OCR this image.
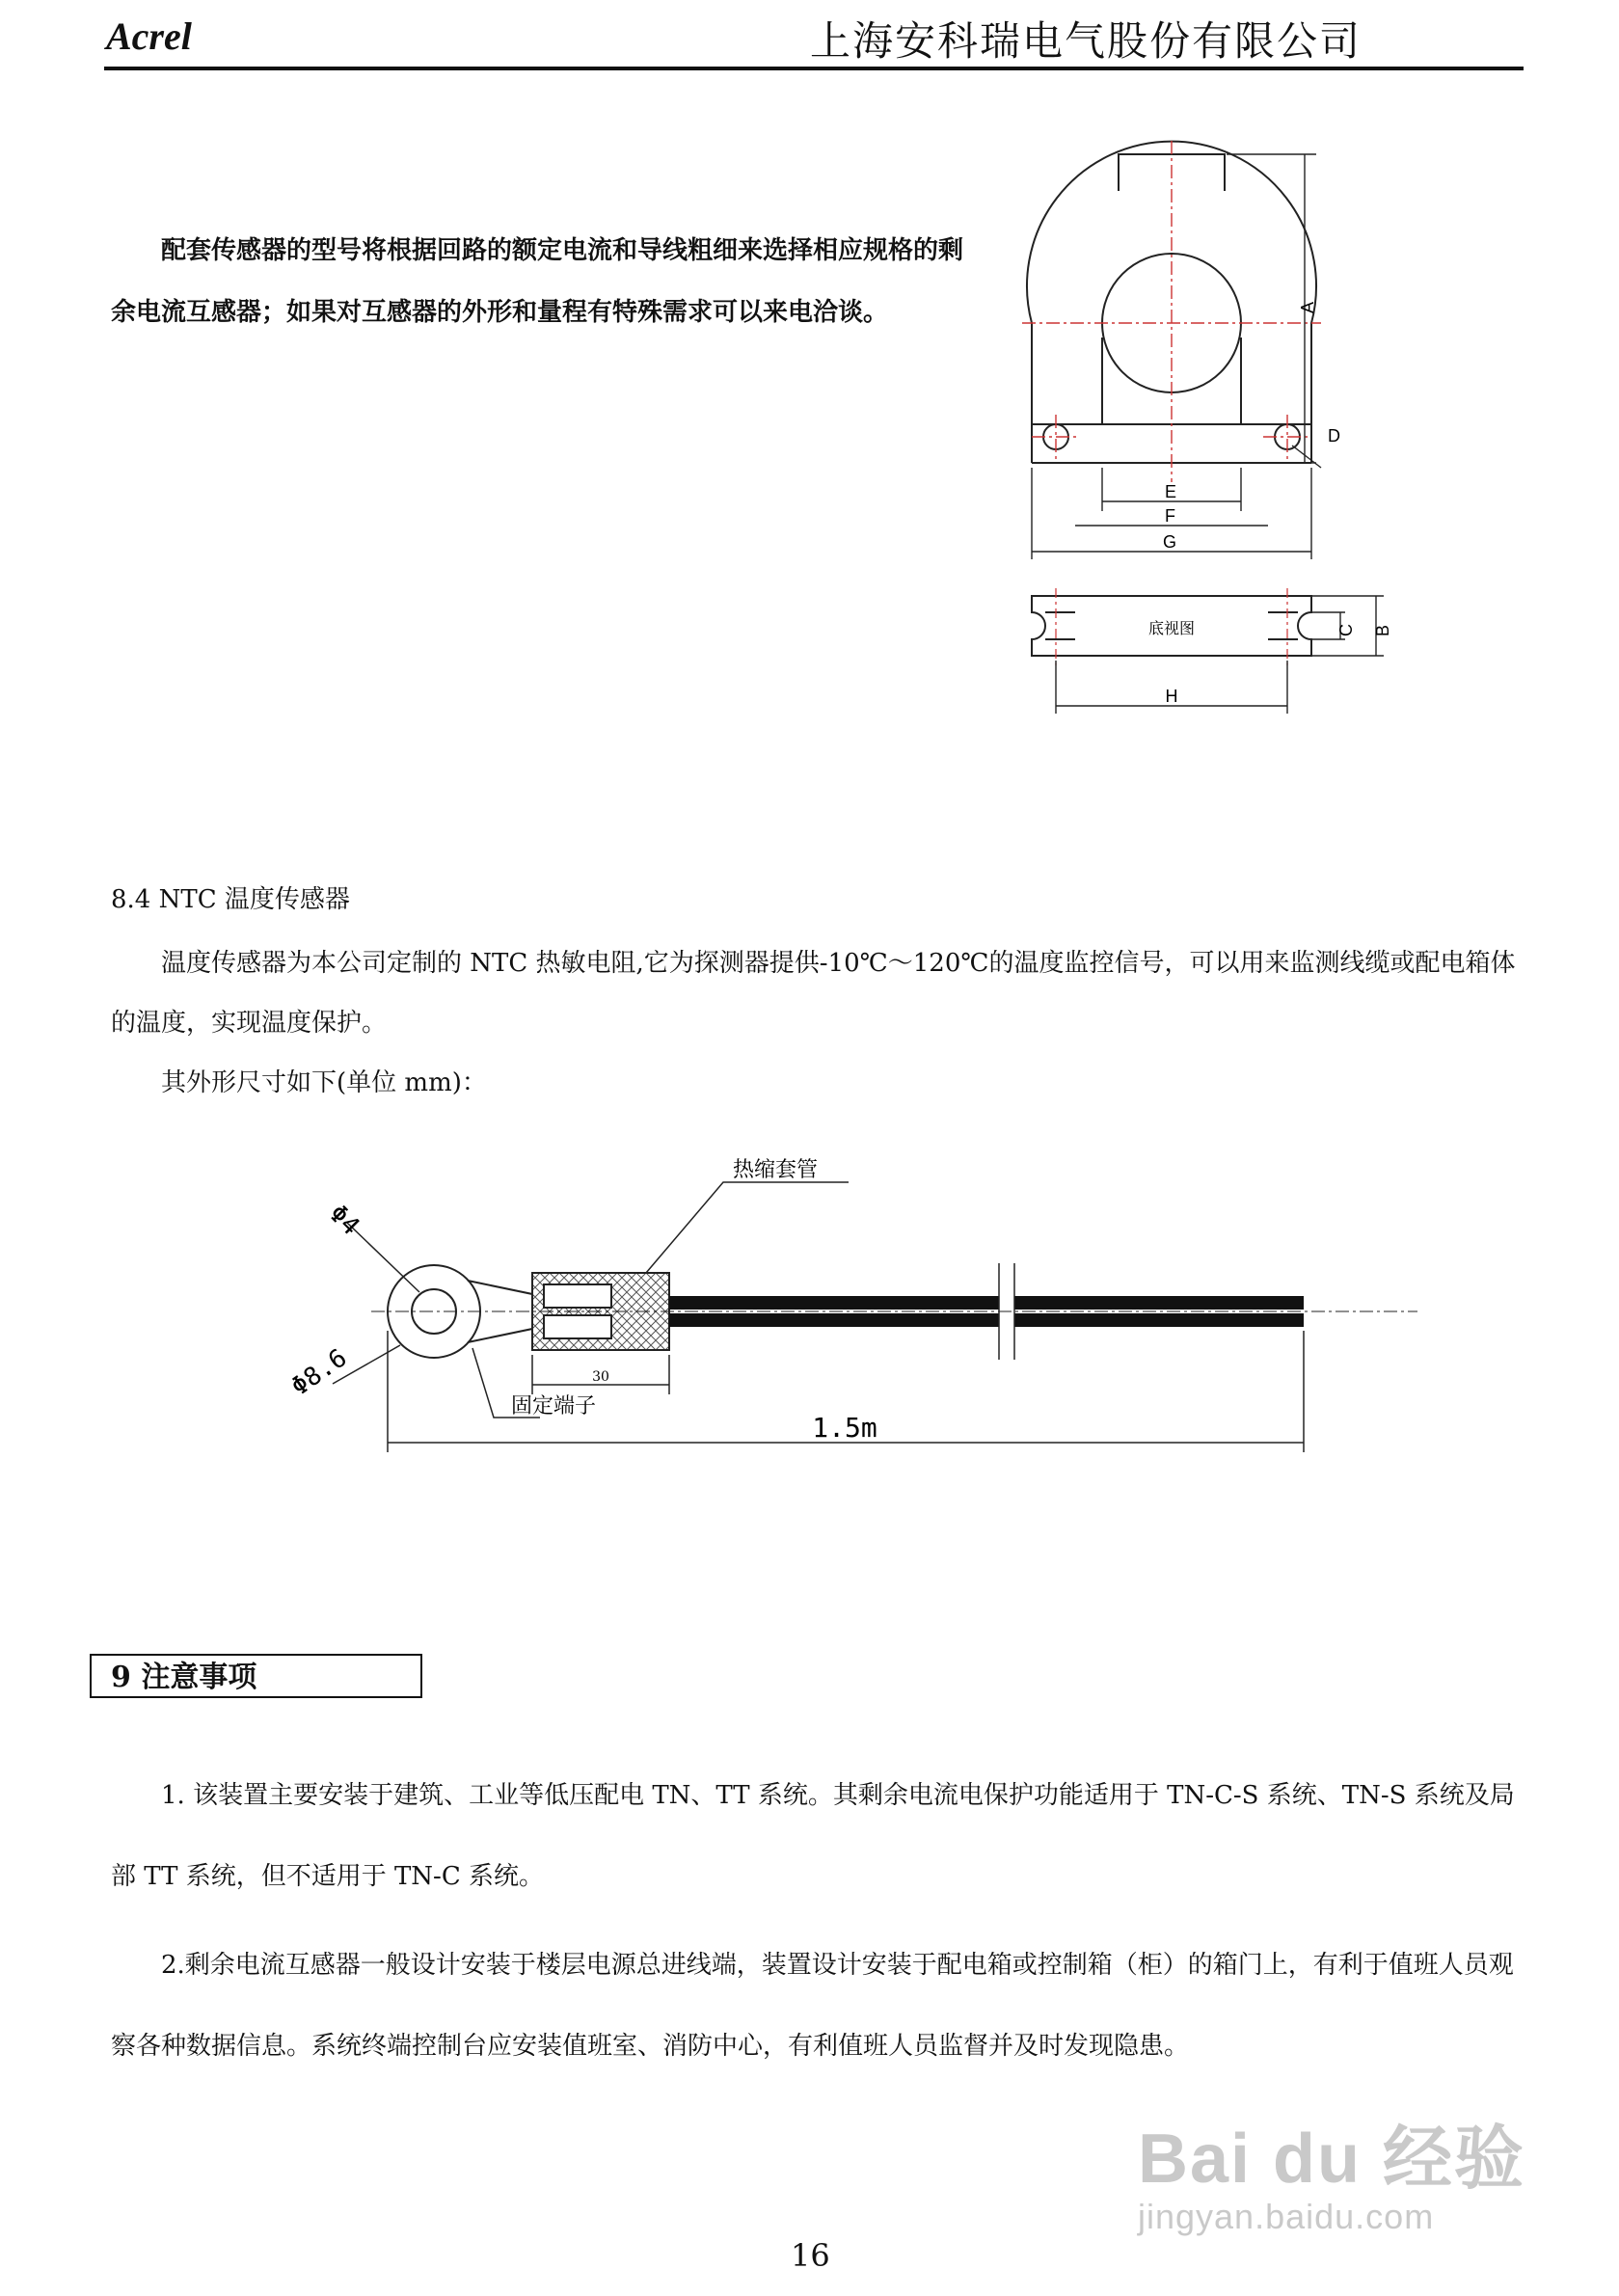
Acrel	上海安科瑞电气股份有限公司

配套传感器的型号将根据回路的额定电流和导线粗细来选择相应规格的剩余电流互感器；如果对互感器的外形和量程有特殊需求可以来电洽谈。	A
D
E
F
G
C B
H
底视图
8.4 NTC 温度传感器

温度传感器为本公司定制的 NTC 热敏电阻,它为探测器提供-10℃～120℃的温度监控信号，可以用来监测线缆或配电箱体的温度，实现温度保护。

其外形尺寸如下(单位 mm)：

热缩套管
Φ4
Φ8.6	30
固定端子
1.5m
9 注意事项

1. 该装置主要安装于建筑、工业等低压配电 TN、TT 系统。其剩余电流电保护功能适用于 TN-C-S 系统、TN-S 系统及局部 TT 系统，但不适用于 TN-C 系统。

2.剩余电流互感器一般设计安装于楼层电源总进线端，装置设计安装于配电箱或控制箱（柜）的箱门上，有利于值班人员观察各种数据信息。系统终端控制台应安装值班室、消防中心，有利值班人员监督并及时发现隐患。

16
Bai du 经验
jingyan.baidu.com
